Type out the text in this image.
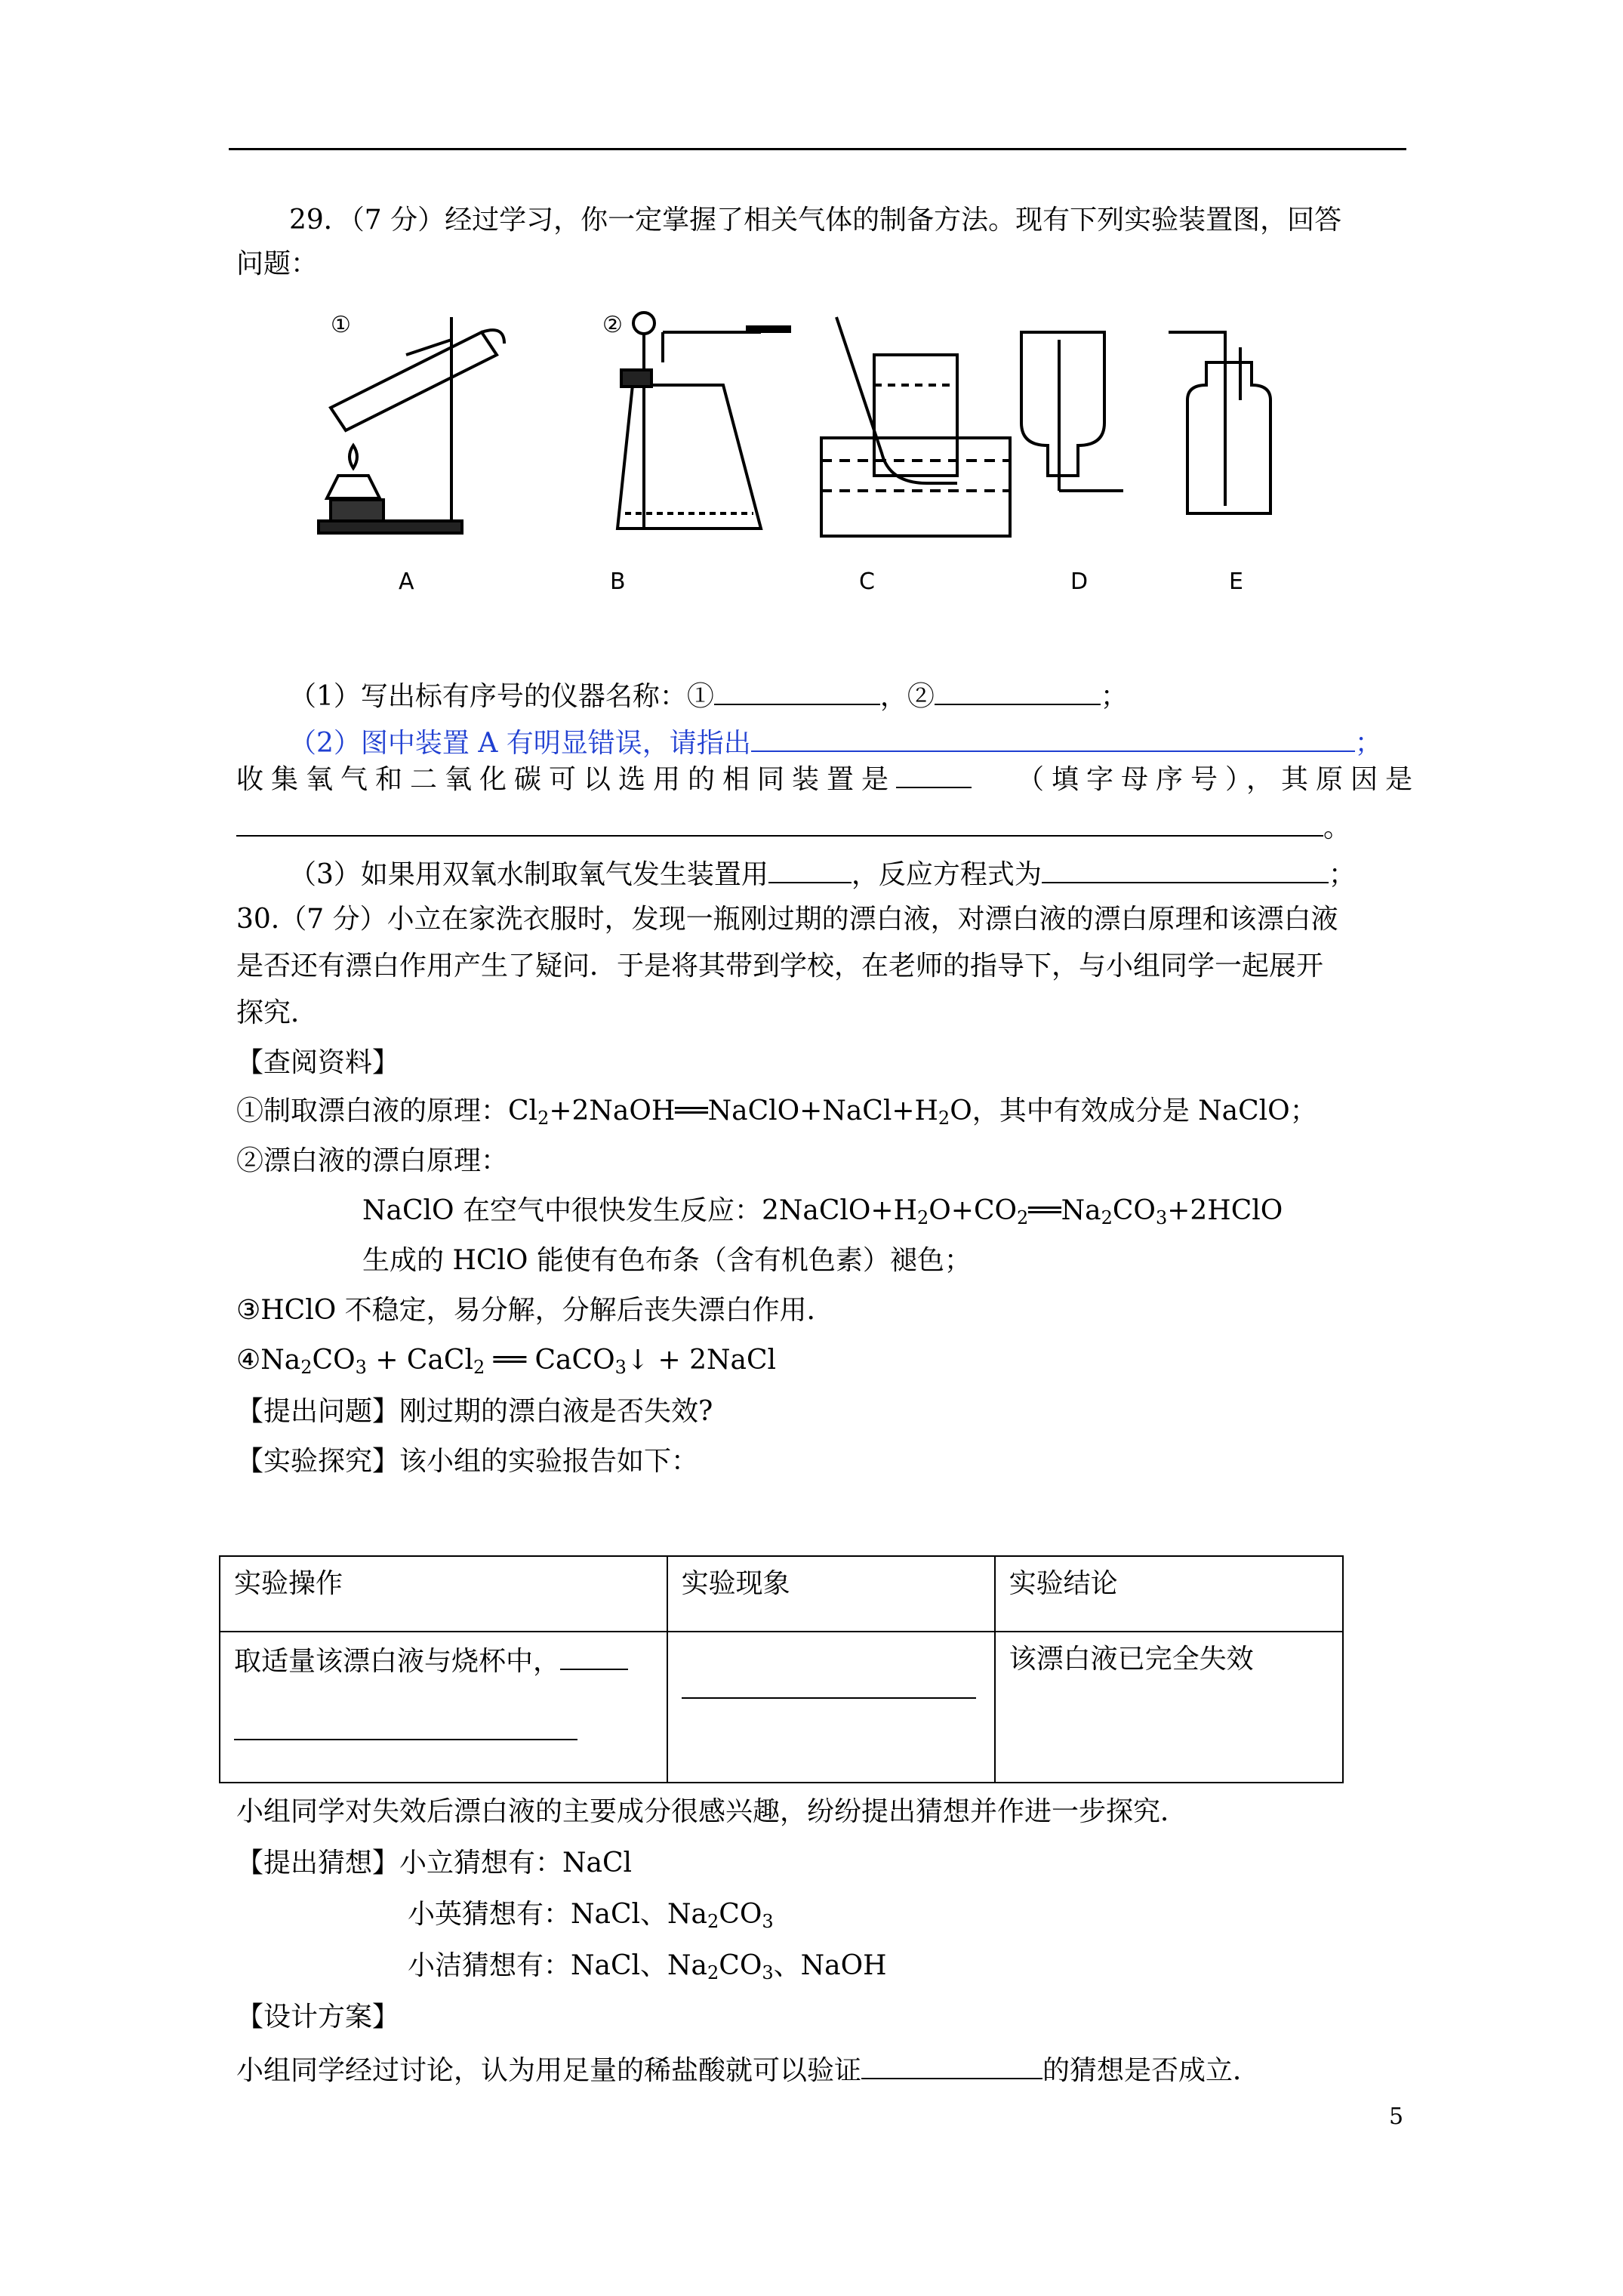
29．（7 分）经过学习，你一定掌握了相关气体的制备方法。现有下列实验装置图，回答
问题：
①	②
A	B	C	D	E
（1）写出标有序号的仪器名称：①	，②	；
（2）图中装置 A 有明显错误，请指出	；
收集氧气和二氧化碳可以选用的相同装置是	（填字母序号），其原因是
。
（3）如果用双氧水制取氧气发生装置用	，反应方程式为	；
30.（7 分）小立在家洗衣服时，发现一瓶刚过期的漂白液，对漂白液的漂白原理和该漂白液
是否还有漂白作用产生了疑问．于是将其带到学校，在老师的指导下，与小组同学一起展开
探究．
【查阅资料】
①制取漂白液的原理：$Cl_2+2NaOH══NaClO+NaCl+H_2O$，其中有效成分是 NaClO；
②漂白液的漂白原理：
NaClO 在空气中很快发生反应：$2NaClO+H_2O+CO_2══Na_2CO_3+2HClO$
生成的 HClO 能使有色布条（含有机色素）褪色；
③HClO 不稳定，易分解，分解后丧失漂白作用．
$④Na_2CO_3$ + CaCl$_2$ ══ CaCO$_3$↓ + 2NaCl
【提出问题】刚过期的漂白液是否失效?
【实验探究】该小组的实验报告如下：
实验操作	实验现象	实验结论
取适量该漂白液与烧杯中，		该漂白液已完全失效
小组同学对失效后漂白液的主要成分很感兴趣，纷纷提出猜想并作进一步探究．
【提出猜想】小立猜想有：NaCl
小英猜想有：NaCl、$Na_2CO_3$
小洁猜想有：NaCl、$Na_2CO_3$、NaOH
【设计方案】
小组同学经过讨论，认为用足量的稀盐酸就可以验证	的猜想是否成立．
5
